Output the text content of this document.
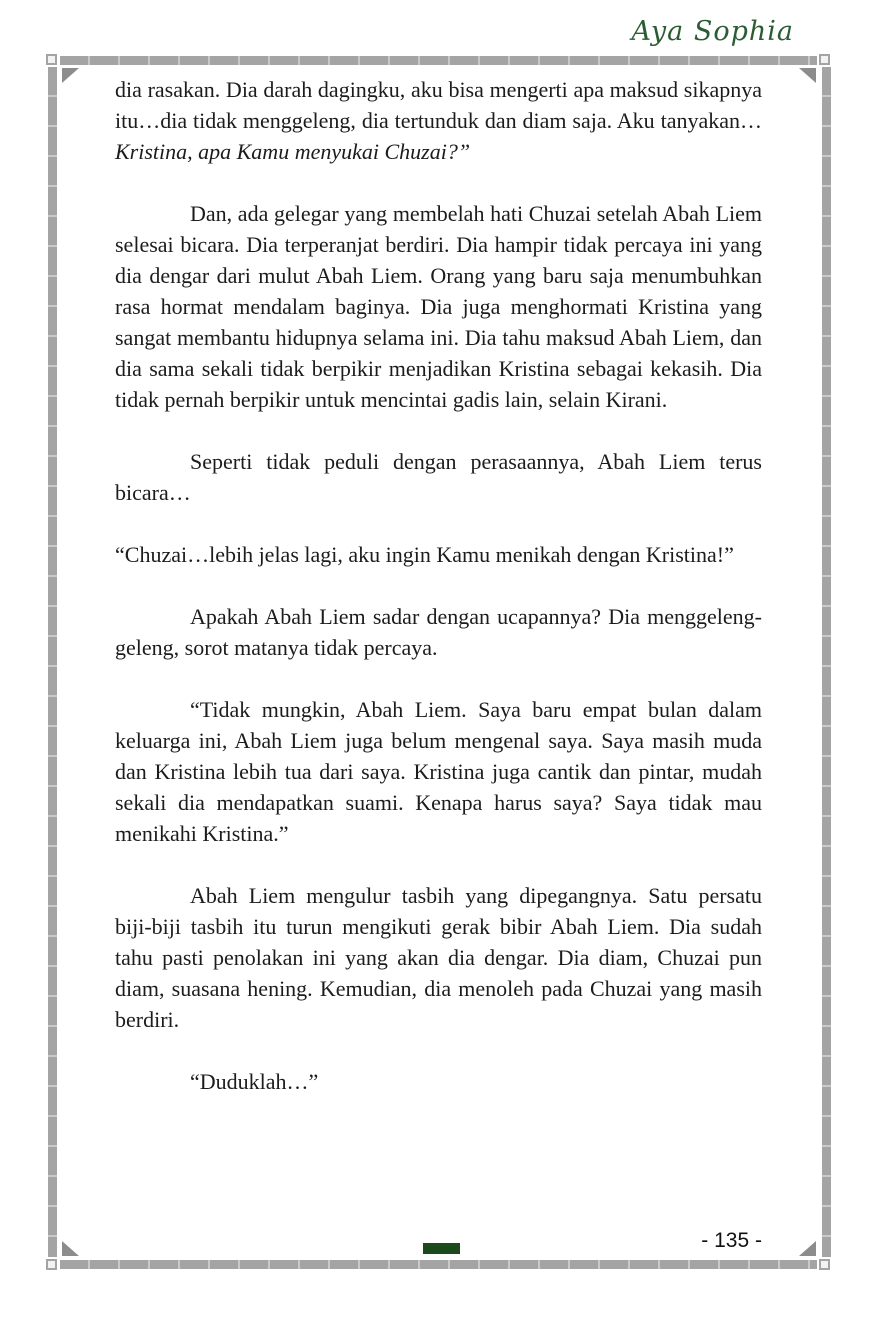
Aya Sophia

dia rasakan. Dia darah dagingku, aku bisa mengerti apa maksud sikapnya itu…dia tidak menggeleng, dia tertunduk dan diam saja. Aku tanyakan…Kristina, apa Kamu menyukai Chuzai?”

Dan, ada gelegar yang membelah hati Chuzai setelah Abah Liem selesai bicara. Dia terperanjat berdiri. Dia hampir tidak percaya ini yang dia dengar dari mulut Abah Liem. Orang yang baru saja menumbuhkan rasa hormat mendalam baginya. Dia juga menghormati Kristina yang sangat membantu hidupnya selama ini. Dia tahu maksud Abah Liem, dan dia sama sekali tidak berpikir menjadikan Kristina sebagai kekasih. Dia tidak pernah berpikir untuk mencintai gadis lain, selain Kirani.

Seperti tidak peduli dengan perasaannya, Abah Liem terus bicara…

“Chuzai…lebih jelas lagi, aku ingin Kamu menikah dengan Kristina!”

Apakah Abah Liem sadar dengan ucapannya? Dia menggeleng-geleng, sorot matanya tidak percaya.

“Tidak mungkin, Abah Liem. Saya baru empat bulan dalam keluarga ini, Abah Liem juga belum mengenal saya. Saya masih muda dan Kristina lebih tua dari saya. Kristina juga cantik dan pintar, mudah sekali dia mendapatkan suami. Kenapa harus saya? Saya tidak mau menikahi Kristina.”

Abah Liem mengulur tasbih yang dipegangnya. Satu persatu biji-biji tasbih itu turun mengikuti gerak bibir Abah Liem. Dia sudah tahu pasti penolakan ini yang akan dia dengar. Dia diam, Chuzai pun diam, suasana hening. Kemudian, dia menoleh pada Chuzai yang masih berdiri.

“Duduklah…”

- 135 -
